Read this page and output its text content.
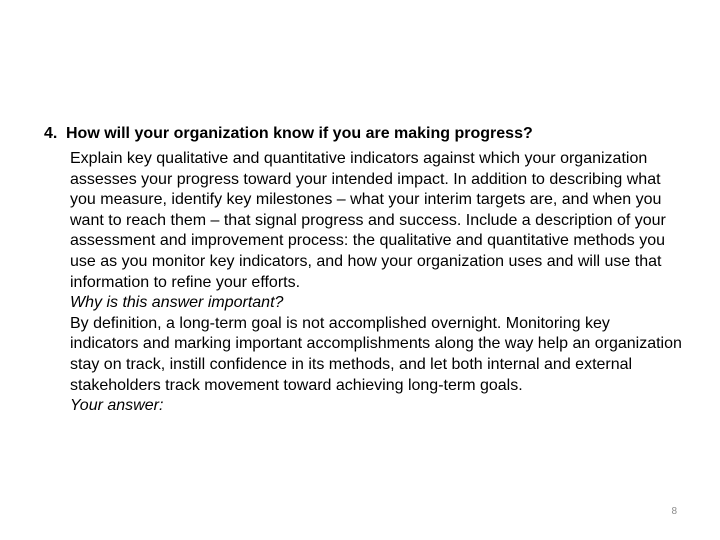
4. How will your organization know if you are making progress?

Explain key qualitative and quantitative indicators against which your organization assesses your progress toward your intended impact. In addition to describing what you measure, identify key milestones – what your interim targets are, and when you want to reach them – that signal progress and success. Include a description of your assessment and improvement process: the qualitative and quantitative methods you use as you monitor key indicators, and how your organization uses and will use that information to refine your efforts.

Why is this answer important?

By definition, a long-term goal is not accomplished overnight. Monitoring key indicators and marking important accomplishments along the way help an organization stay on track, instill confidence in its methods, and let both internal and external stakeholders track movement toward achieving long-term goals.

Your answer:

8
